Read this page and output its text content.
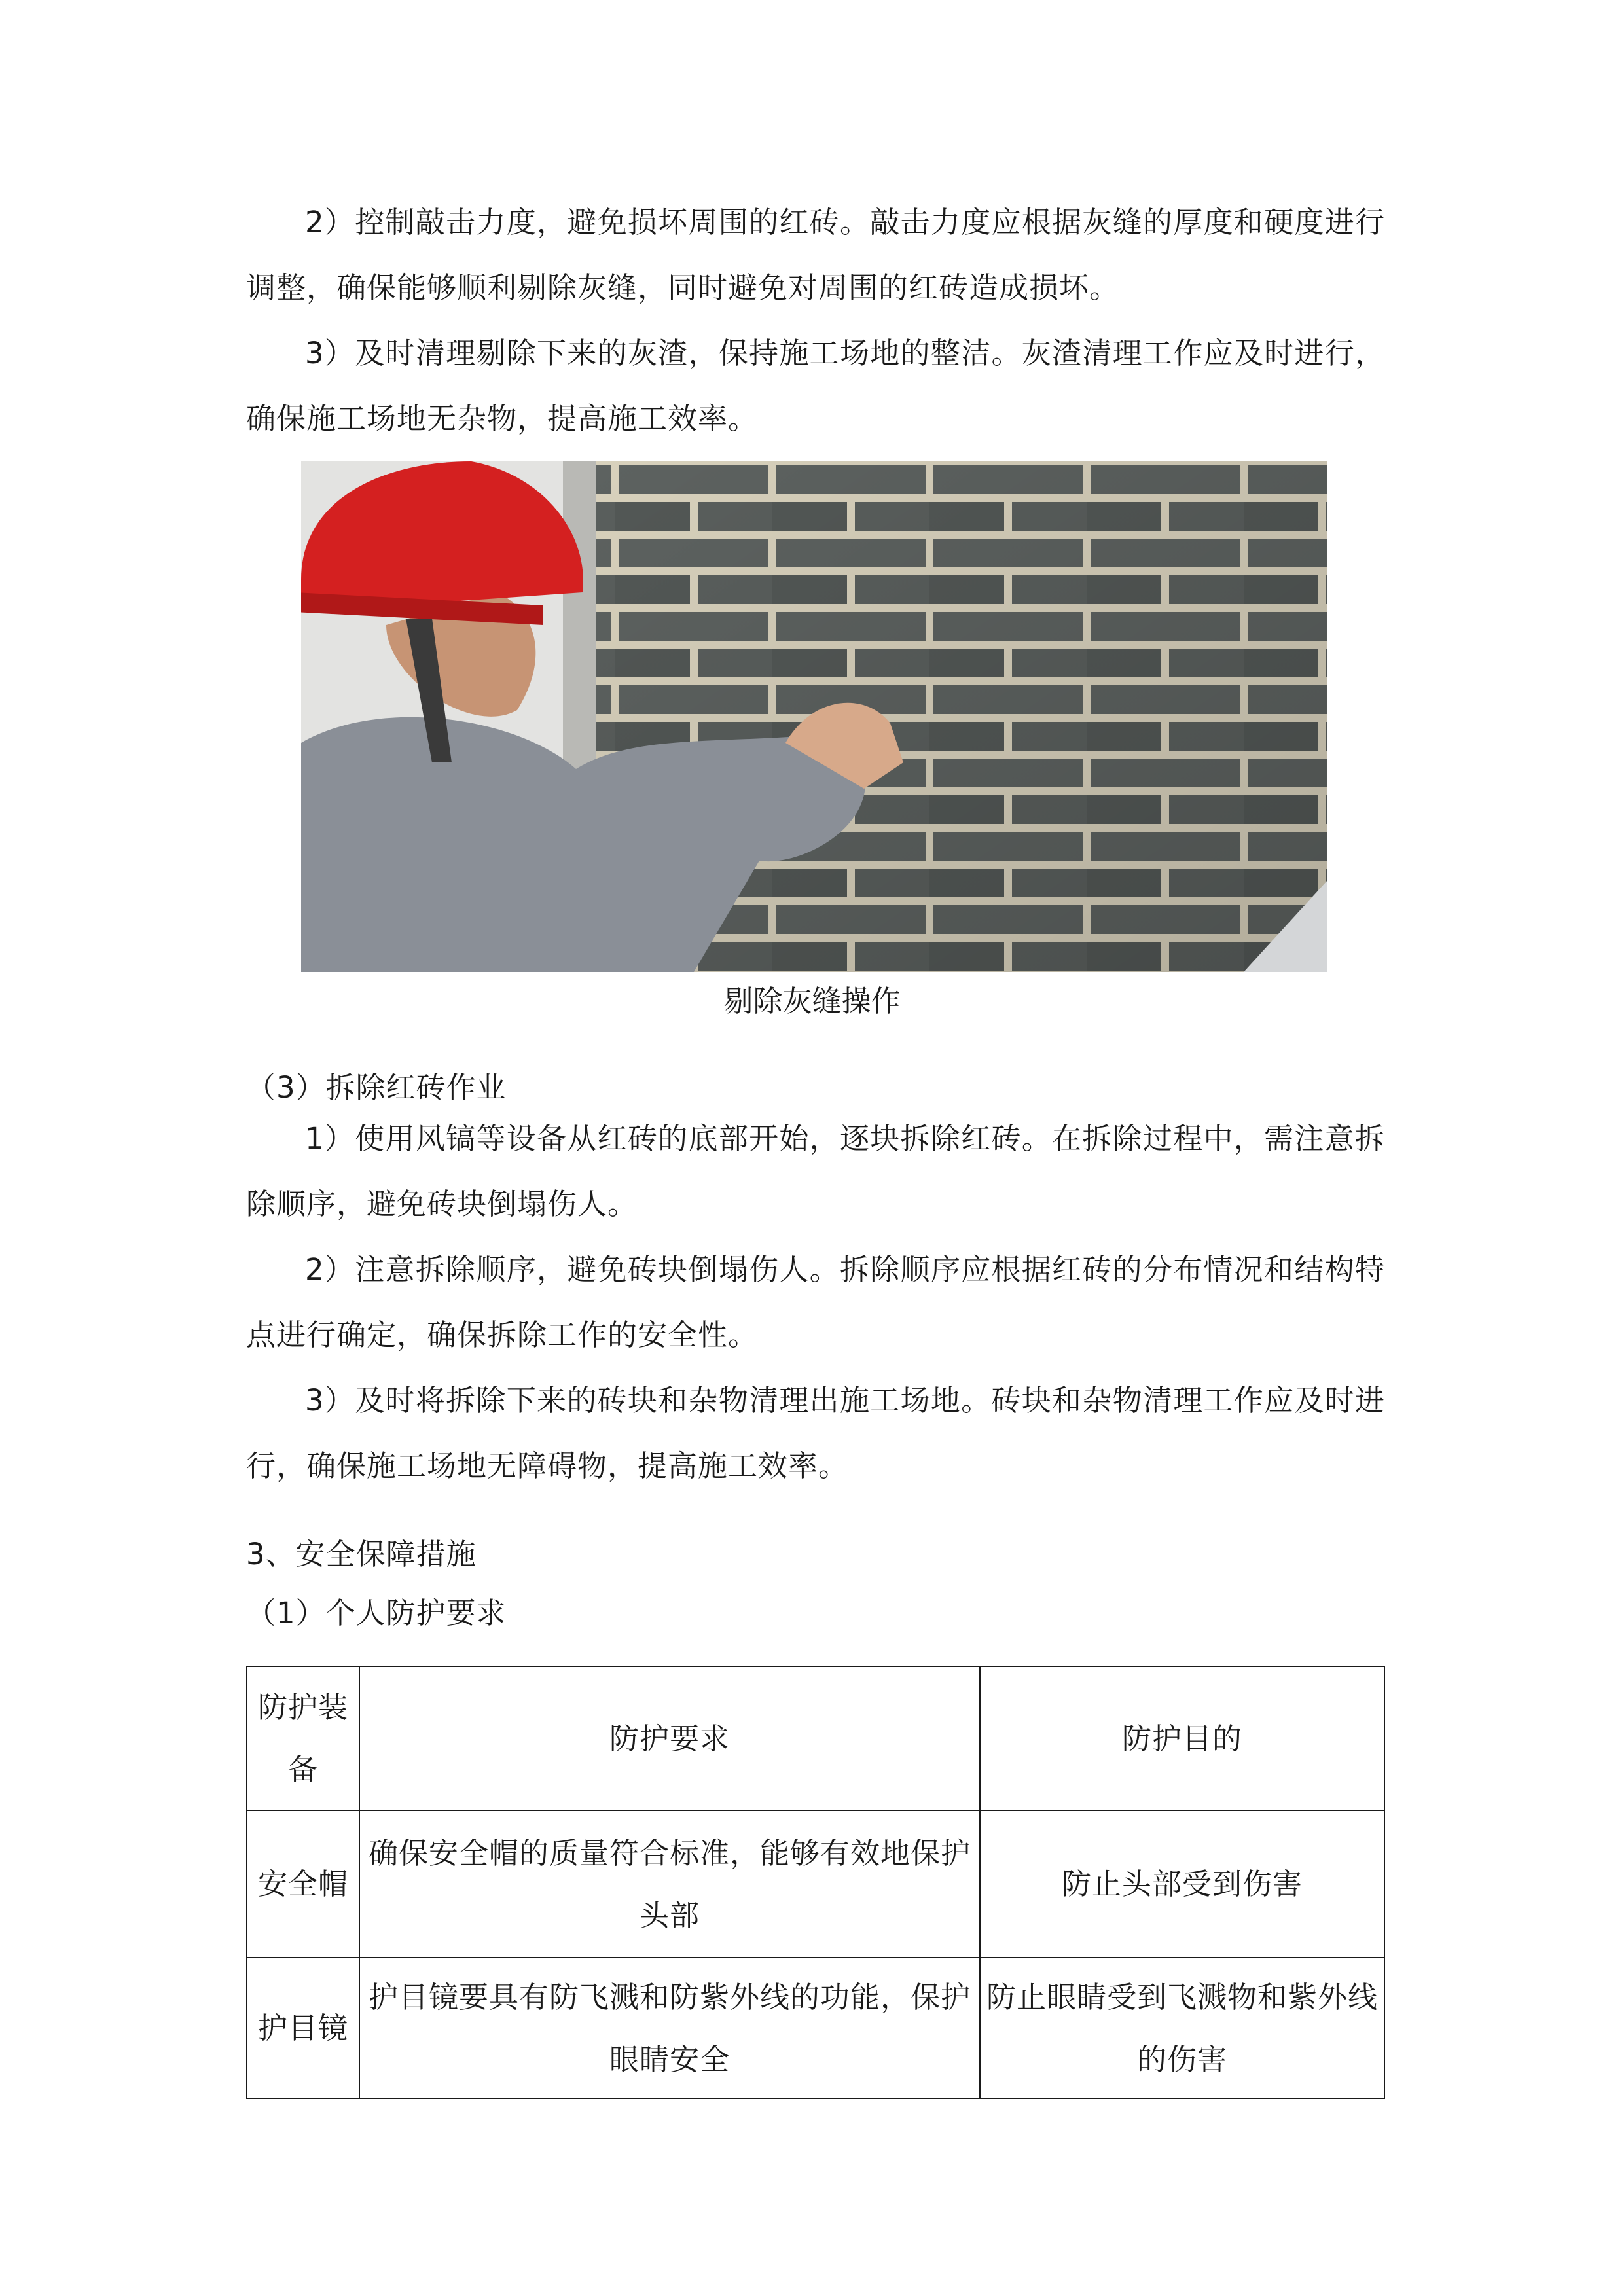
2）控制敲击力度，避免损坏周围的红砖。敲击力度应根据灰缝的厚度和硬度进行调整，确保能够顺利剔除灰缝，同时避免对周围的红砖造成损坏。

3）及时清理剔除下来的灰渣，保持施工场地的整洁。灰渣清理工作应及时进行，确保施工场地无杂物，提高施工效率。

剔除灰缝操作

（3）拆除红砖作业

1）使用风镐等设备从红砖的底部开始，逐块拆除红砖。在拆除过程中，需注意拆除顺序，避免砖块倒塌伤人。

2）注意拆除顺序，避免砖块倒塌伤人。拆除顺序应根据红砖的分布情况和结构特点进行确定，确保拆除工作的安全性。

3）及时将拆除下来的砖块和杂物清理出施工场地。砖块和杂物清理工作应及时进行，确保施工场地无障碍物，提高施工效率。

3、安全保障措施

（1）个人防护要求

防护装备	防护要求	防护目的
安全帽	确保安全帽的质量符合标准，能够有效地保护头部	防止头部受到伤害
护目镜	护目镜要具有防飞溅和防紫外线的功能，保护眼睛安全	防止眼睛受到飞溅物和紫外线的伤害
